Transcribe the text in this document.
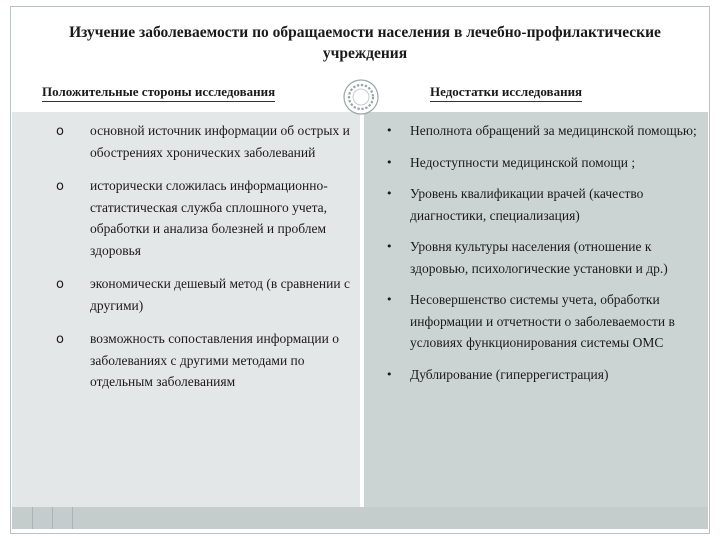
Изучение заболеваемости по обращаемости населения в лечебно-профилактические учреждения
Положительные стороны исследования	Недостатки исследования
o основной источник информации об острых и обострениях хронических заболеваний
o исторически сложилась информационно-статистическая служба сплошного учета, обработки и анализа болезней и проблем здоровья
o экономически дешевый метод (в сравнении с другими)
o возможность сопоставления информации о заболеваниях с другими методами по отдельным заболеваниям
• Неполнота обращений за медицинской помощью;
• Недоступности медицинской помощи ;
• Уровень квалификации врачей (качество диагностики, специализация)
• Уровня культуры населения (отношение к здоровью, психологические установки и др.)
• Несовершенство системы учета, обработки информации и отчетности о заболеваемости в условиях функционирования системы ОМС
• Дублирование (гиперрегистрация)
